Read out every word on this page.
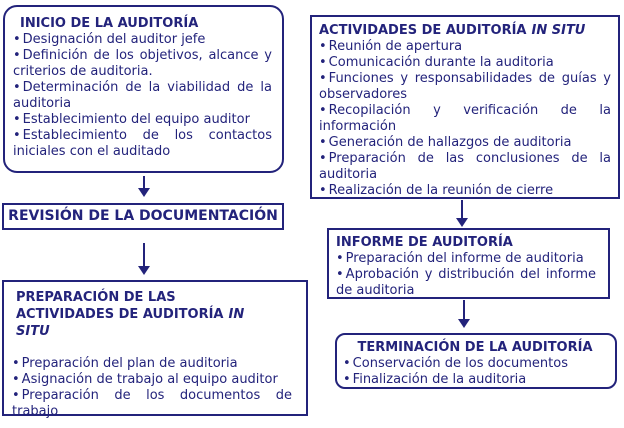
INICIO DE LA AUDITORÍA
• Designación del auditor jefe
• Definición de los objetivos, alcance y criterios de auditoria.
• Determinación de la viabilidad de la auditoria
• Establecimiento del equipo auditor
• Establecimiento de los contactos iniciales con el auditado
REVISIÓN DE LA DOCUMENTACIÓN
PREPARACIÓN DE LAS ACTIVIDADES DE AUDITORÍA IN SITU
• Preparación del plan de auditoria
• Asignación de trabajo al equipo auditor
• Preparación de los documentos de trabajo
ACTIVIDADES DE AUDITORÍA IN SITU
• Reunión de apertura
• Comunicación durante la auditoria
• Funciones y responsabilidades de guías y observadores
• Recopilación y verificación de la información
• Generación de hallazgos de auditoria
• Preparación de las conclusiones de la auditoria
• Realización de la reunión de cierre
INFORME DE AUDITORÍA
• Preparación del informe de auditoria
• Aprobación y distribución del informe de auditoria
TERMINACIÓN DE LA AUDITORÍA
• Conservación de los documentos
• Finalización de la auditoria
